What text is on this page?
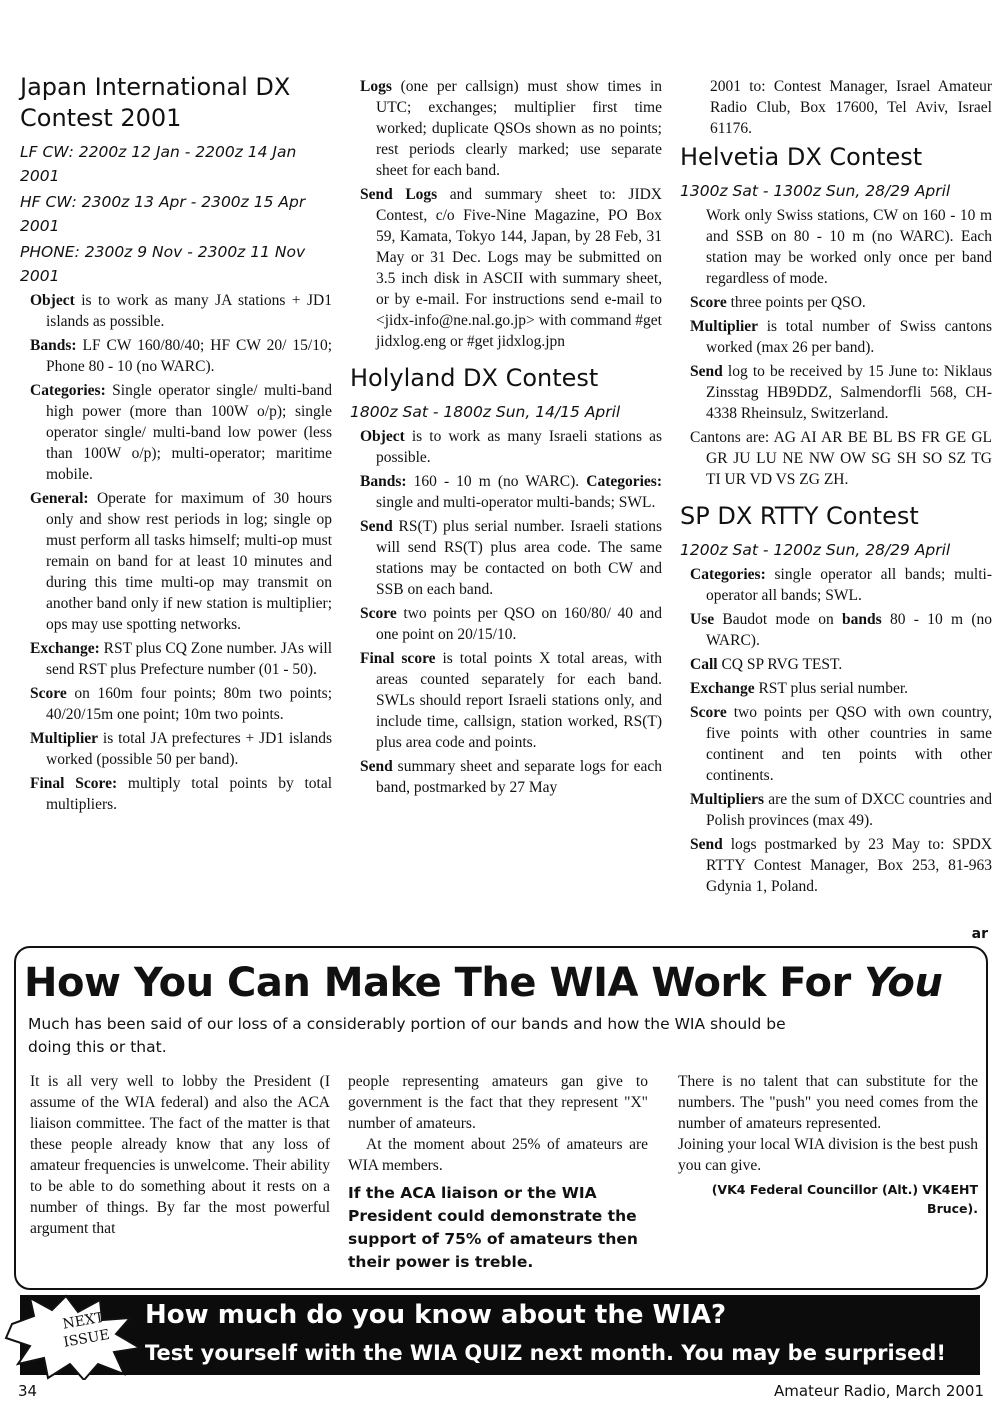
Japan International DX Contest 2001
LF CW: 2200z 12 Jan - 2200z 14 Jan 2001
HF CW: 2300z 13 Apr - 2300z 15 Apr 2001
PHONE: 2300z 9 Nov - 2300z 11 Nov 2001

Object is to work as many JA stations + JD1 islands as possible.

Bands: LF CW 160/80/40; HF CW 20/ 15/10; Phone 80 - 10 (no WARC).

Categories: Single operator single/ multi-band high power (more than 100W o/p); single operator single/ multi-band low power (less than 100W o/p); multi-operator; maritime mobile.

General: Operate for maximum of 30 hours only and show rest periods in log; single op must perform all tasks himself; multi-op must remain on band for at least 10 minutes and during this time multi-op may transmit on another band only if new station is multiplier; ops may use spotting networks.

Exchange: RST plus CQ Zone number. JAs will send RST plus Prefecture number (01 - 50).

Score on 160m four points; 80m two points; 40/20/15m one point; 10m two points.

Multiplier is total JA prefectures + JD1 islands worked (possible 50 per band).

Final Score: multiply total points by total multipliers.

Logs (one per callsign) must show times in UTC; exchanges; multiplier first time worked; duplicate QSOs shown as no points; rest periods clearly marked; use separate sheet for each band.

Send Logs and summary sheet to: JIDX Contest, c/o Five-Nine Magazine, PO Box 59, Kamata, Tokyo 144, Japan, by 28 Feb, 31 May or 31 Dec. Logs may be submitted on 3.5 inch disk in ASCII with summary sheet, or by e-mail. For instructions send e-mail to <jidx-info@ne.nal.go.jp> with command #get jidxlog.eng or #get jidxlog.jpn

Holyland DX Contest
1800z Sat - 1800z Sun, 14/15 April

Object is to work as many Israeli stations as possible.

Bands: 160 - 10 m (no WARC). Categories: single and multi-operator multi-bands; SWL.

Send RS(T) plus serial number. Israeli stations will send RS(T) plus area code. The same stations may be contacted on both CW and SSB on each band.

Score two points per QSO on 160/80/ 40 and one point on 20/15/10.

Final score is total points X total areas, with areas counted separately for each band. SWLs should report Israeli stations only, and include time, callsign, station worked, RS(T) plus area code and points.

Send summary sheet and separate logs for each band, postmarked by 27 May

2001 to: Contest Manager, Israel Amateur Radio Club, Box 17600, Tel Aviv, Israel 61176.

Helvetia DX Contest
1300z Sat - 1300z Sun, 28/29 April

Work only Swiss stations, CW on 160 - 10 m and SSB on 80 - 10 m (no WARC). Each station may be worked only once per band regardless of mode.

Score three points per QSO.

Multiplier is total number of Swiss cantons worked (max 26 per band).

Send log to be received by 15 June to: Niklaus Zinsstag HB9DDZ, Salmendorfli 568, CH-4338 Rheinsulz, Switzerland.

Cantons are: AG AI AR BE BL BS FR GE GL GR JU LU NE NW OW SG SH SO SZ TG TI UR VD VS ZG ZH.

SP DX RTTY Contest
1200z Sat - 1200z Sun, 28/29 April

Categories: single operator all bands; multi-operator all bands; SWL.

Use Baudot mode on bands 80 - 10 m (no WARC).

Call CQ SP RVG TEST.

Exchange RST plus serial number.

Score two points per QSO with own country, five points with other countries in same continent and ten points with other continents.

Multipliers are the sum of DXCC countries and Polish provinces (max 49).

Send logs postmarked by 23 May to: SPDX RTTY Contest Manager, Box 253, 81-963 Gdynia 1, Poland.

ar
How You Can Make The WIA Work For You
Much has been said of our loss of a considerably portion of our bands and how the WIA should be doing this or that.

It is all very well to lobby the President (I assume of the WIA federal) and also the ACA liaison committee. The fact of the matter is that these people already know that any loss of amateur frequencies is unwelcome. Their ability to be able to do something about it rests on a number of things. By far the most powerful argument that

people representing amateurs gan give to government is the fact that they represent "X" number of amateurs.

At the moment about 25% of amateurs are WIA members.

If the ACA liaison or the WIA President could demonstrate the support of 75% of amateurs then their power is treble.

There is no talent that can substitute for the numbers. The "push" you need comes from the number of amateurs represented.

Joining your local WIA division is the best push you can give.

(VK4 Federal Councillor (Alt.) VK4EHT Bruce).

NEXT
ISSUE
How much do you know about the WIA?
Test yourself with the WIA QUIZ next month. You may be surprised!
34	Amateur Radio, March 2001
